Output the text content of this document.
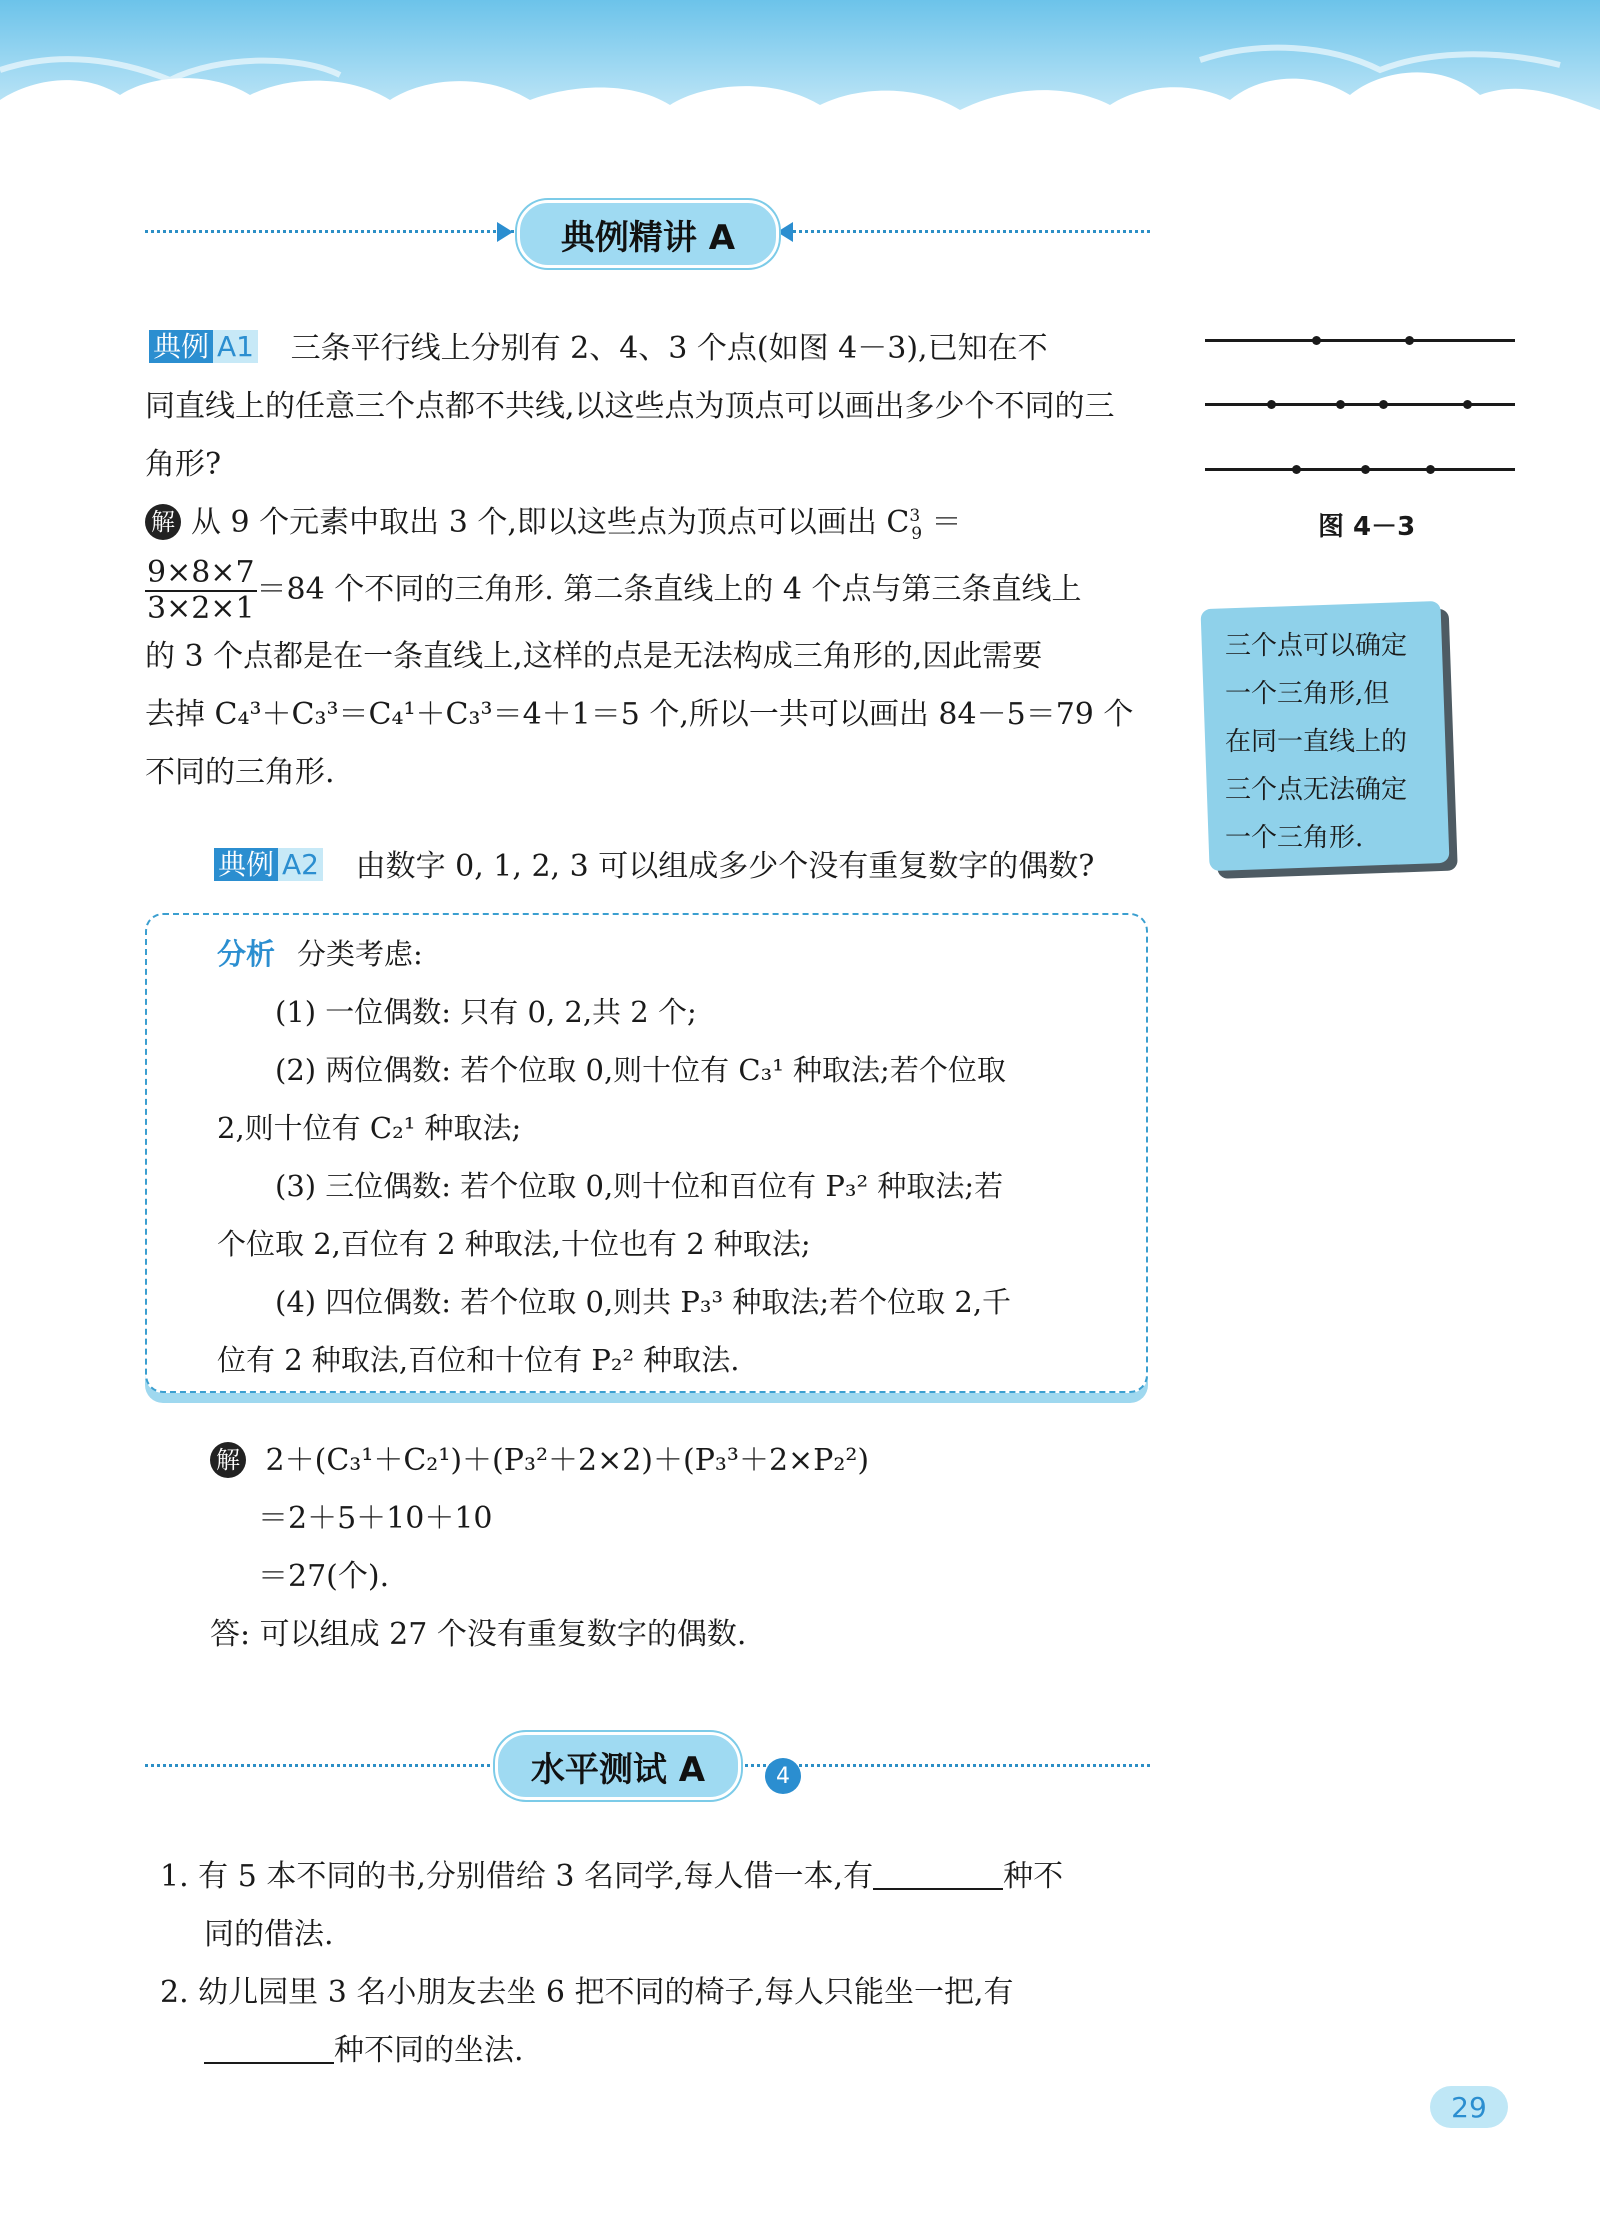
典例精讲 A

典例 A1 三条平行线上分别有 2、4、3 个点(如图 4－3),已知在不

同直线上的任意三个点都不共线,以这些点为顶点可以画出多少个不同的三

角形?

解 从 9 个元素中取出 3 个,即以这些点为顶点可以画出 $C^3_9$ ＝

$\frac{9\times 8\times 7}{3\times 2\times 1} =84$ 个不同的三角形. 第二条直线上的 4 个点与第三条直线上

的 3 个点都是在一条直线上,这样的点是无法构成三角形的,因此需要

去掉 C₄³＋C₃³＝C₄¹＋C₃³＝4＋1＝5 个,所以一共可以画出 84－5＝79 个

不同的三角形.

图 4－3

三个点可以确定

一个三角形,但

在同一直线上的

三个点无法确定

一个三角形.

典例 A2 由数字 0, 1, 2, 3 可以组成多少个没有重复数字的偶数?

分析 分类考虑:

(1) 一位偶数: 只有 0, 2,共 2 个;

(2) 两位偶数: 若个位取 0,则十位有 C₃¹ 种取法;若个位取

2,则十位有 C₂¹ 种取法;

(3) 三位偶数: 若个位取 0,则十位和百位有 P₃² 种取法;若

个位取 2,百位有 2 种取法,十位也有 2 种取法;

(4) 四位偶数: 若个位取 0,则共 P₃³ 种取法;若个位取 2,千

位有 2 种取法,百位和十位有 P₂² 种取法.

解 2＋(C₃¹＋C₂¹)＋(P₃²＋2×2)＋(P₃³＋2×P₂²)

＝2＋5＋10＋10

＝27(个).

答: 可以组成 27 个没有重复数字的偶数.

水平测试 A	4

1. 有 5 本不同的书,分别借给 3 名同学,每人借一本,有	种不

同的借法.

2. 幼儿园里 3 名小朋友去坐 6 把不同的椅子,每人只能坐一把,有

种不同的坐法.

29
